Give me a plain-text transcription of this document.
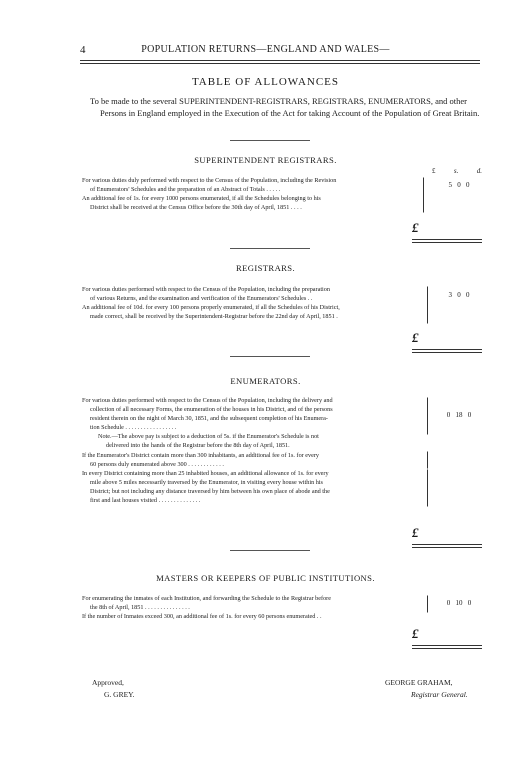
4	POPULATION RETURNS—ENGLAND AND WALES—
TABLE OF ALLOWANCES
To be made to the several SUPERINTENDENT-REGISTRARS, REGISTRARS, ENUMERATORS, and other Persons in England employed in the Execution of the Act for taking Account of the Population of Great Britain.
SUPERINTENDENT REGISTRARS.
£	s.	d.
For various duties duly performed with respect to the Census of the Population, including the Revision
of Enumerators' Schedules and the preparation of an Abstract of Totals . . . . .
An additional fee of 1s. for every 1000 persons enumerated, if all the Schedules belonging to his
District shall be received at the Census Office before the 30th day of April, 1851 . . . .
5   0   0
£
REGISTRARS.
For various duties performed with respect to the Census of the Population, including the preparation
of various Returns, and the examination and verification of the Enumerators' Schedules . .
An additional fee of 10d. for every 100 persons properly enumerated, if all the Schedules of his District,
made correct, shall be received by the Superintendent-Registrar before the 22nd day of April, 1851 .
3   0   0
£
ENUMERATORS.
For various duties performed with respect to the Census of the Population, including the delivery and
collection of all necessary Forms, the enumeration of the houses in his District, and of the persons
resident therein on the night of March 30, 1851, and the subsequent completion of his Enumera-
tion Schedule . . . . . . . . . . . . . . . . .
Note.—The above pay is subject to a deduction of 5s. if the Enumerator's Schedule is not
delivered into the hands of the Registrar before the 8th day of April, 1851.
If the Enumerator's District contain more than 300 inhabitants, an additional fee of 1s. for every
60 persons duly enumerated above 300 . . . . . . . . . . . .
In every District containing more than 25 inhabited houses, an additional allowance of 1s. for every
mile above 5 miles necessarily traversed by the Enumerator, in visiting every house within his
District; but not including any distance traversed by him between his own place of abode and the
first and last houses visited . . . . . . . . . . . . . .
0   18   0
£
MASTERS OR KEEPERS OF PUBLIC INSTITUTIONS.
For enumerating the inmates of each Institution, and forwarding the Schedule to the Registrar before
the 8th of April, 1851 . . . . . . . . . . . . . . .
If the number of Inmates exceed 300, an additional fee of 1s. for every 60 persons enumerated . .
0   10   0
£
Approved,
G. GREY.
GEORGE GRAHAM,
Registrar General.
